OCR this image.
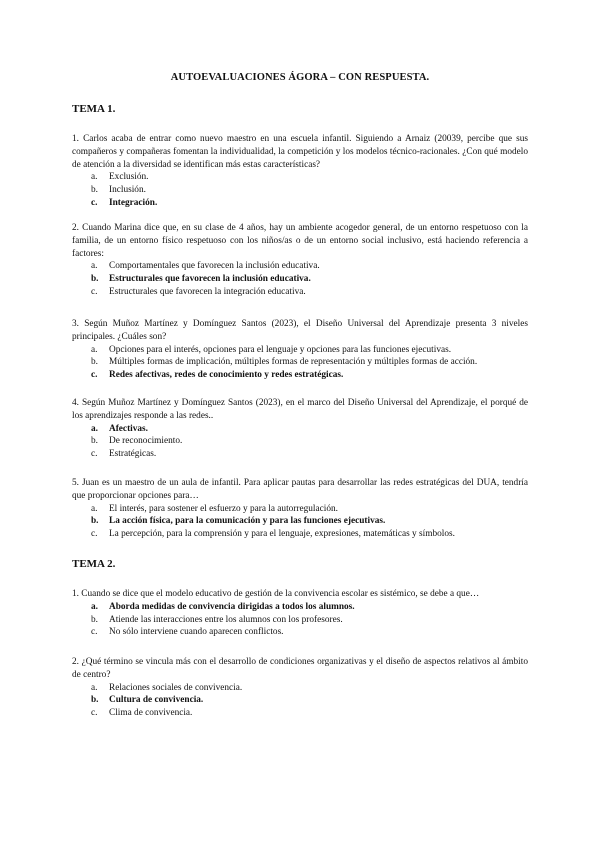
AUTOEVALUACIONES ÁGORA – CON RESPUESTA.
TEMA 1.

1. Carlos acaba de entrar como nuevo maestro en una escuela infantil. Siguiendo a Arnaiz (20039, percibe que sus compañeros y compañeras fomentan la individualidad, la competición y los modelos técnico-racionales. ¿Con qué modelo de atención a la diversidad se identifican más estas características?

a. Exclusión.
b. Inclusión.
c. Integración.

2. Cuando Marina dice que, en su clase de 4 años, hay un ambiente acogedor general, de un entorno respetuoso con la familia, de un entorno físico respetuoso con los niños/as o de un entorno social inclusivo, está haciendo referencia a factores:

a. Comportamentales que favorecen la inclusión educativa.
b. Estructurales que favorecen la inclusión educativa.
c. Estructurales que favorecen la integración educativa.

3. Según Muñoz Martínez y Domínguez Santos (2023), el Diseño Universal del Aprendizaje presenta 3 niveles principales. ¿Cuáles son?

a. Opciones para el interés, opciones para el lenguaje y opciones para las funciones ejecutivas.
b. Múltiples formas de implicación, múltiples formas de representación y múltiples formas de acción.
c. Redes afectivas, redes de conocimiento y redes estratégicas.

4. Según Muñoz Martínez y Domínguez Santos (2023), en el marco del Diseño Universal del Aprendizaje, el porqué de los aprendizajes responde a las redes..

a. Afectivas.
b. De reconocimiento.
c. Estratégicas.

5. Juan es un maestro de un aula de infantil. Para aplicar pautas para desarrollar las redes estratégicas del DUA, tendría que proporcionar opciones para…

a. El interés, para sostener el esfuerzo y para la autorregulación.
b. La acción física, para la comunicación y para las funciones ejecutivas.
c. La percepción, para la comprensión y para el lenguaje, expresiones, matemáticas y símbolos.
TEMA 2.

1. Cuando se dice que el modelo educativo de gestión de la convivencia escolar es sistémico, se debe a que…

a. Aborda medidas de convivencia dirigidas a todos los alumnos.
b. Atiende las interacciones entre los alumnos con los profesores.
c. No sólo interviene cuando aparecen conflictos.

2. ¿Qué término se vincula más con el desarrollo de condiciones organizativas y el diseño de aspectos relativos al ámbito de centro?

a. Relaciones sociales de convivencia.
b. Cultura de convivencia.
c. Clima de convivencia.
